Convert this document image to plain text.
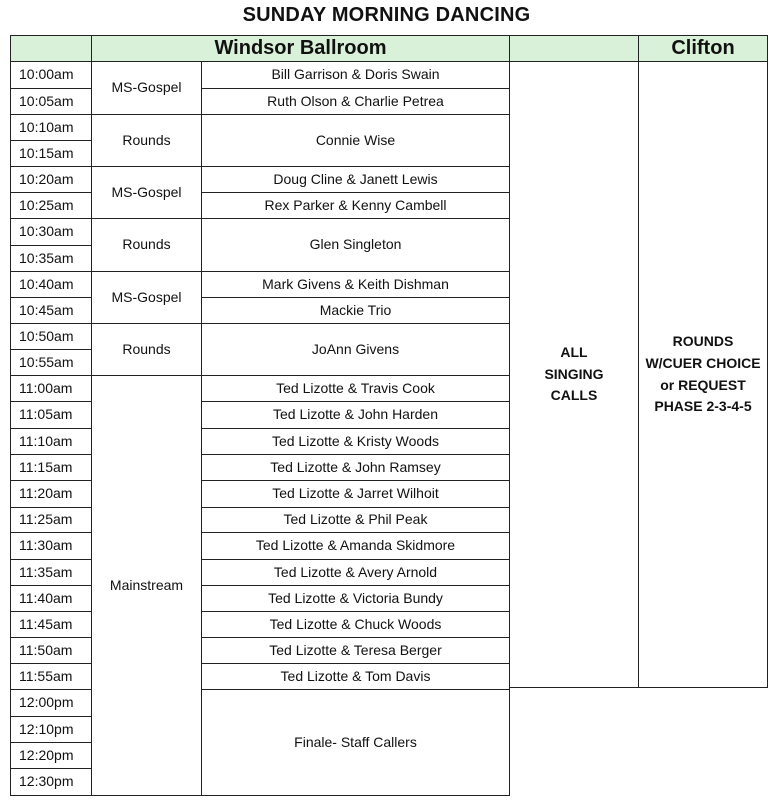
SUNDAY MORNING DANCING
Windsor Ballroom	Clifton
10:00am
10:05am
10:10am
10:15am
10:20am
10:25am
10:30am
10:35am
10:40am
10:45am
10:50am
10:55am
11:00am
11:05am
11:10am
11:15am
11:20am
11:25am
11:30am
11:35am
11:40am
11:45am
11:50am
11:55am
12:00pm
12:10pm
12:20pm
12:30pm
MS-Gospel
Rounds
MS-Gospel
Rounds
MS-Gospel
Rounds
Mainstream
Bill Garrison & Doris Swain
Ruth Olson & Charlie Petrea
Connie Wise
Doug Cline & Janett Lewis
Rex Parker & Kenny Cambell
Glen Singleton
Mark Givens & Keith Dishman
Mackie Trio
JoAnn Givens
Ted Lizotte & Travis Cook
Ted Lizotte & John Harden
Ted Lizotte & Kristy Woods
Ted Lizotte & John Ramsey
Ted Lizotte & Jarret Wilhoit
Ted Lizotte & Phil Peak
Ted Lizotte & Amanda Skidmore
Ted Lizotte & Avery Arnold
Ted Lizotte & Victoria Bundy
Ted Lizotte & Chuck Woods
Ted Lizotte & Teresa Berger
Ted Lizotte & Tom Davis
Finale- Staff Callers
ALL
SINGING
CALLS
ROUNDS
W/CUER CHOICE
or REQUEST
PHASE 2-3-4-5
